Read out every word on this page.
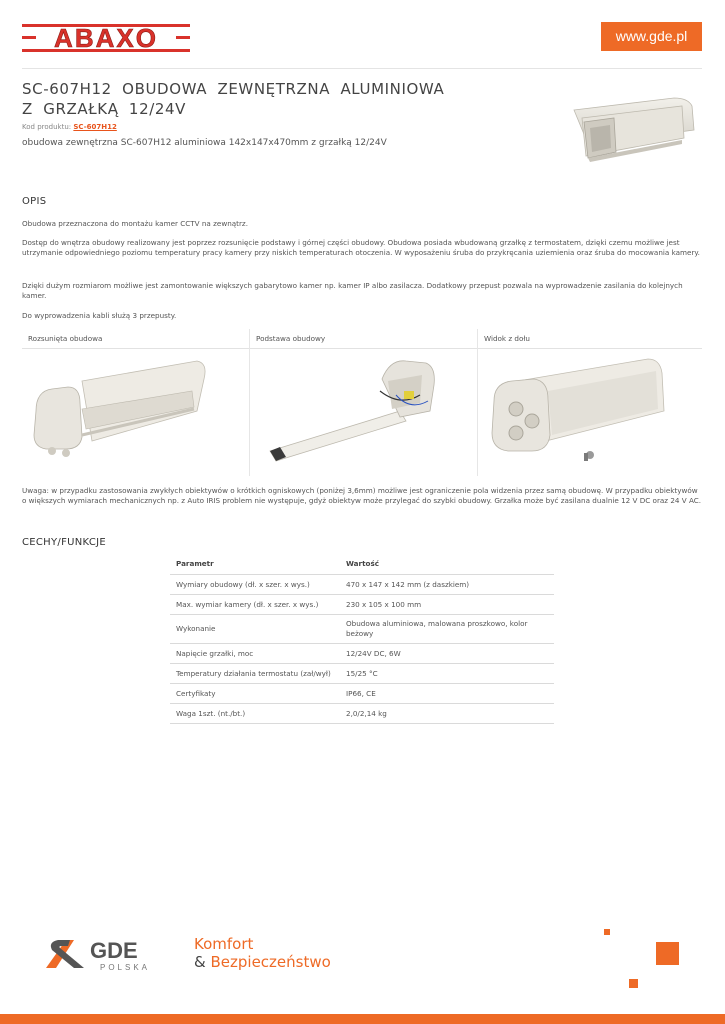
ABAXO	www.gde.pl
SC-607H12 OBUDOWA ZEWNĘTRZNA ALUMINIOWA Z GRZAŁKĄ 12/24V
Kod produktu: SC-607H12
obudowa zewnętrzna SC-607H12 aluminiowa 142x147x470mm z grzałką 12/24V
OPIS
Obudowa przeznaczona do montażu kamer CCTV na zewnątrz.
Dostęp do wnętrza obudowy realizowany jest poprzez rozsunięcie podstawy i górnej części obudowy. Obudowa posiada wbudowaną grzałkę z termostatem, dzięki czemu możliwe jest utrzymanie odpowiedniego poziomu temperatury pracy kamery przy niskich temperaturach otoczenia. W wyposażeniu śruba do przykręcania uziemienia oraz śruba do mocowania kamery.
Dzięki dużym rozmiarom możliwe jest zamontowanie większych gabarytowo kamer np. kamer IP albo zasilacza. Dodatkowy przepust pozwala na wyprowadzenie zasilania do kolejnych kamer.
Do wyprowadzenia kabli służą 3 przepusty.
Rozsunięta obudowa	Podstawa obudowy	Widok z dołu
Uwaga: w przypadku zastosowania zwykłych obiektywów o krótkich ogniskowych (poniżej 3,6mm) możliwe jest ograniczenie pola widzenia przez samą obudowę. W przypadku obiektywów o większych wymiarach mechanicznych np. z Auto IRIS problem nie występuje, gdyż obiektyw może przylegać do szybki obudowy. Grzałka może być zasilana dualnie 12 V DC oraz 24 V AC.
CECHY/FUNKCJE
Parametr	Wartość
Wymiary obudowy (dł. x szer. x wys.)	470 x 147 x 142 mm (z daszkiem)
Max. wymiar kamery (dł. x szer. x wys.)	230 x 105 x 100 mm
Wykonanie	Obudowa aluminiowa, malowana proszkowo, kolor beżowy
Napięcie grzałki, moc	12/24V DC, 6W
Temperatury działania termostatu (zał/wył)	15/25 °C
Certyfikaty	IP66, CE
Waga 1szt. (nt./bt.)	2,0/2,14 kg
GDE
POLSKA
Komfort
& Bezpieczeństwo
